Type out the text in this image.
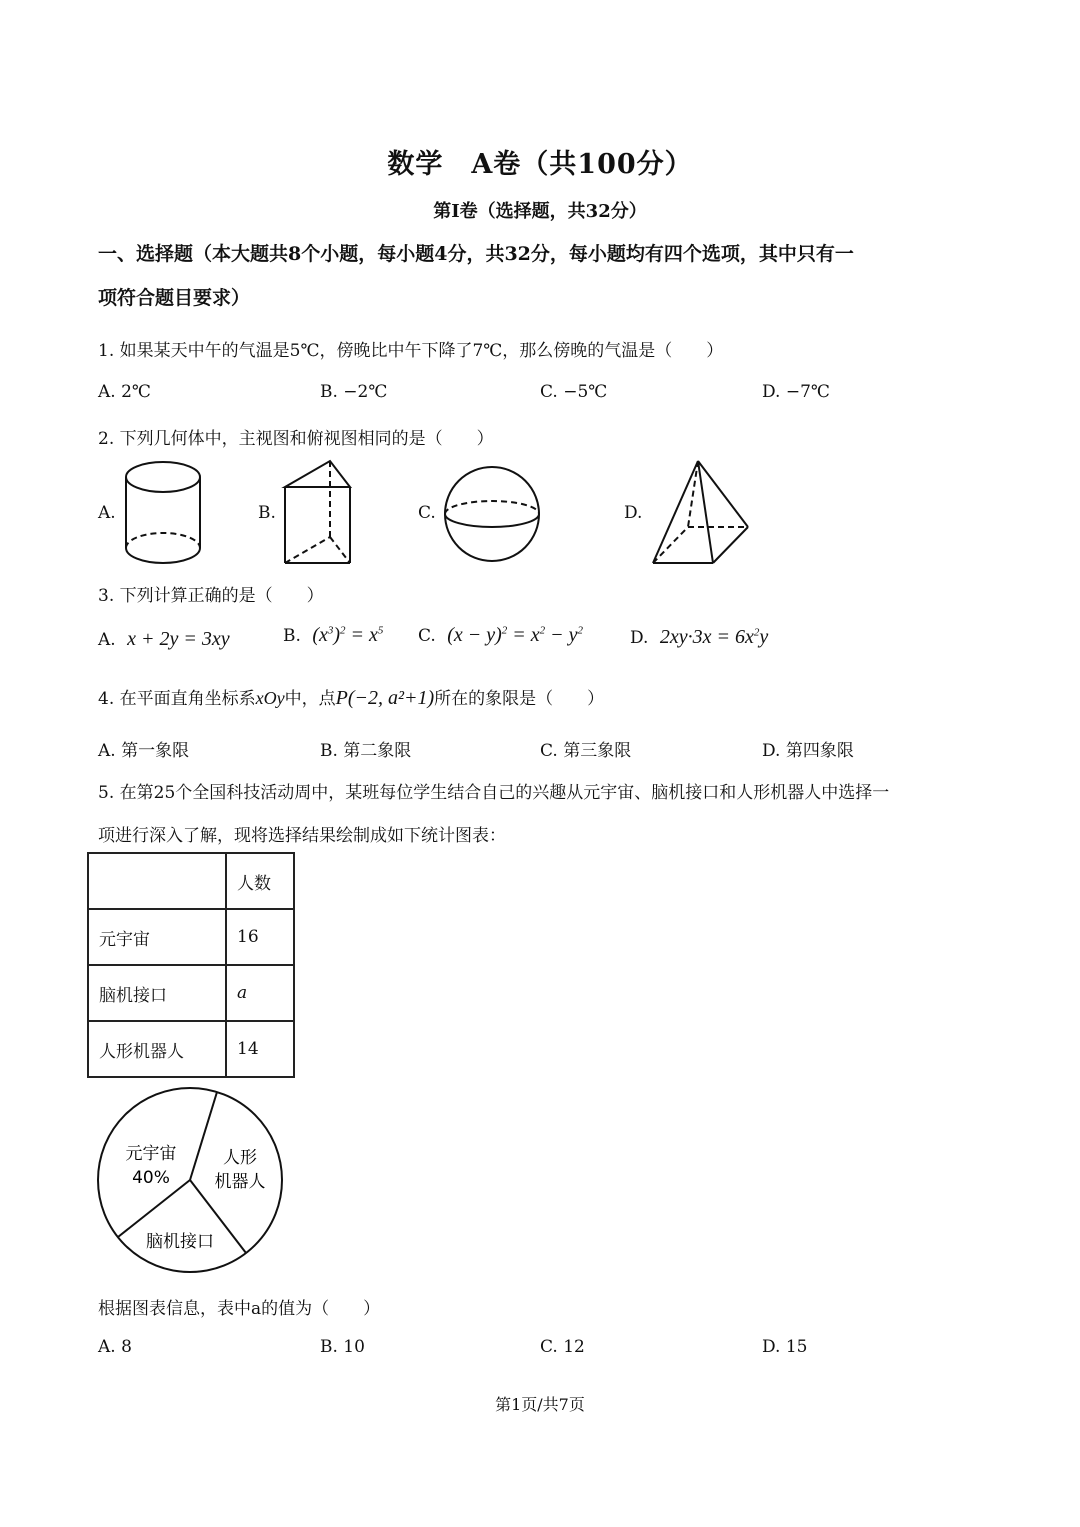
数学　A卷（共100分）
第Ⅰ卷（选择题，共32分）
一、选择题（本大题共8个小题，每小题4分，共32分，每小题均有四个选项，其中只有一
项符合题目要求）
1. 如果某天中午的气温是5℃，傍晚比中午下降了7℃，那么傍晚的气温是（　　）
A. 2℃	B. −2℃	C. −5℃	D. −7℃
2. 下列几何体中，主视图和俯视图相同的是（　　）
A.	B.	C.	D.
3. 下列计算正确的是（　　）
A. x + 2y = 3xy	B. $(x^3)^2 = x^5$ C. $(x - y)^2 = x^2 - y^2$	D. $2xy\cdot 3x = 6x^2y$
4. 在平面直角坐标系xOy中，点P(−2, a²+1)所在的象限是（　　）
A. 第一象限	B. 第二象限	C. 第三象限	D. 第四象限
5. 在第25个全国科技活动周中，某班每位学生结合自己的兴趣从元宇宙、脑机接口和人形机器人中选择一
项进行深入了解，现将选择结果绘制成如下统计图表：
	人数
元宇宙	16
脑机接口	a
人形机器人	14
元宇宙
40%
人形
机器人
脑机接口
根据图表信息，表中a的值为（　　）
A. 8	B. 10	C. 12	D. 15
第1页/共7页
